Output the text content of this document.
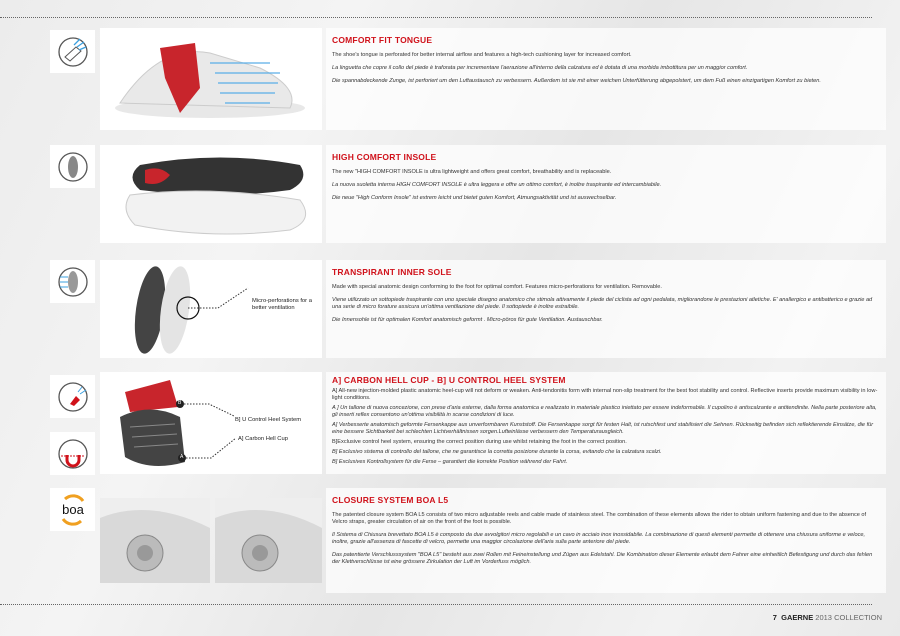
COMFORT FIT TONGUE

The shoe's tongue is perforated for better internal airflow and features a high-tech cushioning layer for increased comfort.

La linguetta che copre il collo del piede è traforata per incrementare l'aerazione all'interno della calzatura ed è dotata di una morbida imbottitura per un maggior comfort.

Die spannabdeckende Zunge, ist perforiert um den Luftaustausch zu verbessern. Außerdem ist sie mit einer weichen Unterfütterung abgepolstert, um dem Fuß einen einzigartigen Komfort zu bieten.

HIGH COMFORT INSOLE

The new "HIGH COMFORT INSOLE is ultra lightweight and offers great comfort, breathability and is replaceable.

La nuova suoletta interna HIGH COMFORT INSOLE è ultra leggera e offre un ottimo comfort, è inoltre traspirante ed intercambiabile.

Die neue "High Conform Insole" ist extrem leicht und bietet guten Komfort, Atmungsaktivität und ist auswechselbar.

Micro-perforations for a better ventilation
TRANSPIRANT INNER SOLE

Made with special anatomic design conforming to the foot for optimal comfort. Features micro-perforations for ventilation. Removable.

Viene utilizzato un sottopiede traspirante con uno speciale disegno anatomico che stimola attivamente il piede del ciclista ad ogni pedalata, migliorandone le prestazioni atletiche. E' anallergico e antibatterico e grazie ad una serie di micro forature assicura un'ottima ventilazione del piede. Il sottopiede è inoltre estraibile.

Die Innensohle ist für optimalen Komfort anatomisch geformt . Micro-pöros für gute Ventilation. Austauschbar.

B
A
B] U Control Heel System
A] Carbon Hell Cup
A] CARBON HELL CUP - B] U CONTROL HEEL SYSTEM

A] All-new injection-molded plastic anatomic heel-cup will not deform or weaken. Anti-tendonitis form with internal non-slip treatment for the best foot stability and control. Reflective inserts provide maximum visibility in low-light conditions.

A ] Un tallone di nuova concezione, con prese d'aria esterne, dalla forma anatomica e realizzato in materiale plastico iniettato per essere indeformabile. Il cupolino è antiscalzante e antitendinite. Nella parte posteriore alta, gli inserti reflex consentono un'ottima visibilità in scarse condizioni di luce.

A] Verbesserte anatomisch geformte Fersenkappe aus unverformbaren Kunststoff. Die Fersenkappe sorgt für festen Halt, ist rutschfest und stabilisiert die Sehnen. Rückseitig befinden sich reflektierende Einsätze, die für eine bessere Sichtbarkeit bei schlechten Lichtverhältnissen sorgen.Lufteinlässe verbessern den Temperaturausgleich.

B]Exclusive control heel system, ensuring the correct position during use whilst retaining the foot in the correct position.

B] Esclusivo sistema di controllo del tallone, che ne garantisce la corretta posizione durante la corsa, evitando che la calzatura scalzi.

B] Exclusives Kontrollsystem für die Ferse – garantiert die korrekte Position während der Fahrt.

boa
CLOSURE SYSTEM BOA L5

The patented closure system BOA L5 consists of two micro adjustable reels and cable made of stainless steel. The combination of these elements allows the rider to obtain uniform fastening and due to the absence of Velcro straps, greater circulation of air on the front of the foot is possible.

Il Sistema di Chiusura brevettato BOA L5 è composto da due avvolgitori micro regolabili e un cavo in acciaio inox inossidabile. La combinazione di questi elementi permette di ottenere una chiusura uniforme e veloce, inoltre, grazie all'assenza di fascette di velcro, permette una maggior circolazione dell'aria sulla parte anteriore del piede.

Das patentierte Verschlusssystem "BOA L5" besteht aus zwei Rollen mit Feineinstellung und Zügen aus Edelstahl. Die Kombination dieser Elemente erlaubt dem Fahrer eine einheitlich Befestigung und durch das fehlen der Klettverschlüsse ist eine grössere Zirkulation der Luft im Vorderfuss möglich.

7 GAERNE 2013 COLLECTION
